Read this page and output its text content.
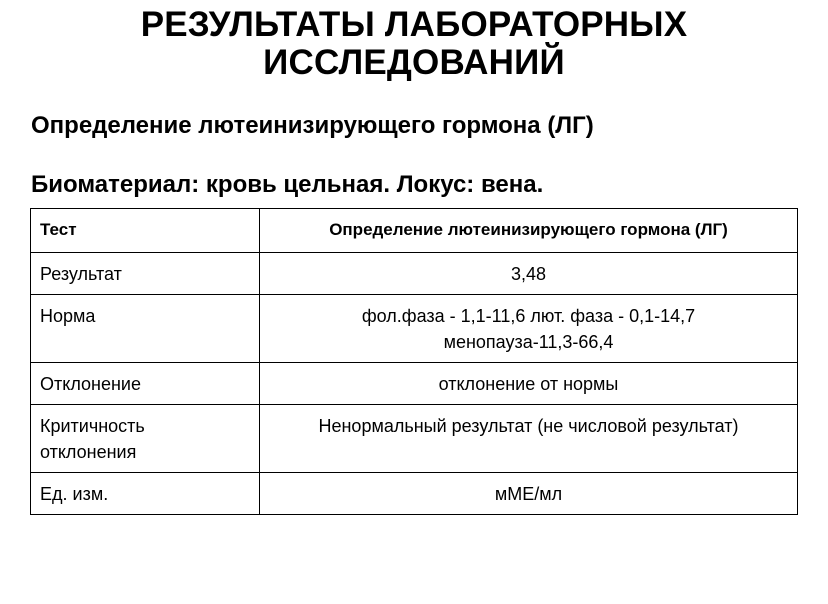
РЕЗУЛЬТАТЫ ЛАБОРАТОРНЫХ
ИССЛЕДОВАНИЙ
Определение лютеинизирующего гормона (ЛГ)
Биоматериал: кровь цельная. Локус: вена.
Тест	Определение лютеинизирующего гормона (ЛГ)
Результат	3,48

Норма	фол.фаза - 1,1-11,6 лют. фаза - 0,1-14,7
менопауза-11,3-66,4

Отклонение	отклонение от нормы

Критичность
отклонения	Ненормальный результат (не числовой результат)

Ед. изм.	мМЕ/мл
